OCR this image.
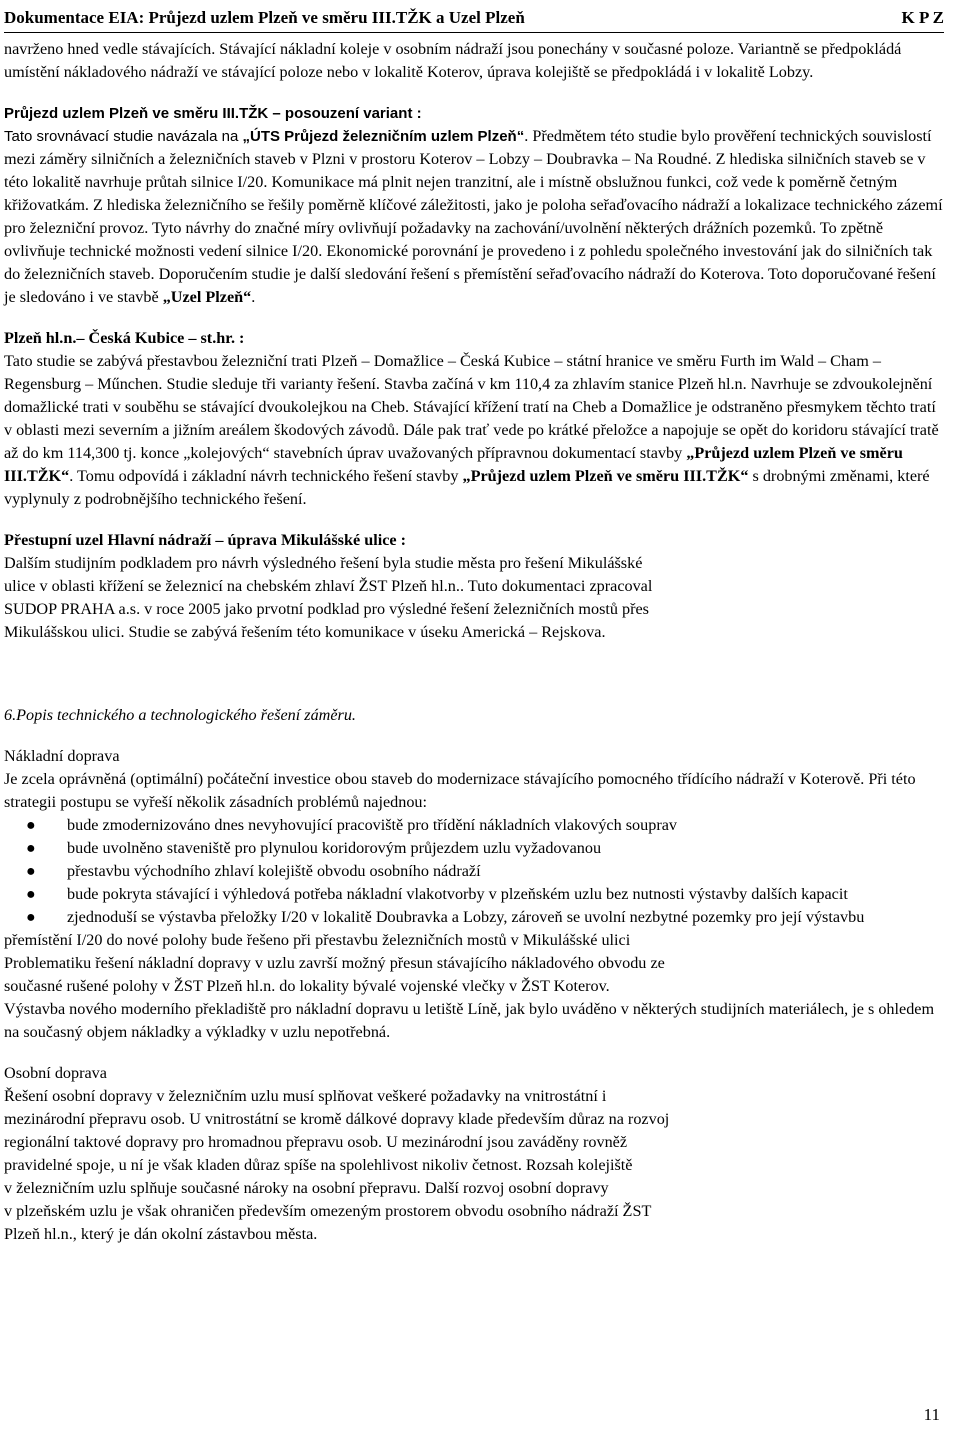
Dokumentace EIA: Průjezd uzlem Plzeň ve směru III.TŽK a Uzel Plzeň	K P Z

navrženo hned vedle stávajících. Stávající nákladní koleje v osobním nádraží jsou ponechány v současné poloze. Variantně se předpokládá umístění nákladového nádraží ve stávající poloze nebo v lokalitě Koterov, úprava kolejiště se předpokládá i v lokalitě Lobzy.

Průjezd uzlem Plzeň ve směru III.TŽK – posouzení variant :

Tato srovnávací studie navázala na „ÚTS Průjezd železničním uzlem Plzeň“. Předmětem této studie bylo prověření technických souvislostí mezi záměry silničních a železničních staveb v Plzni v prostoru Koterov – Lobzy – Doubravka – Na Roudné. Z hlediska silničních staveb se v této lokalitě navrhuje průtah silnice I/20. Komunikace má plnit nejen tranzitní, ale i místně obslužnou funkci, což vede k poměrně četným křižovatkám. Z hlediska železničního se řešily poměrně klíčové záležitosti, jako je poloha seřaďovacího nádraží a lokalizace technického zázemí pro železniční provoz. Tyto návrhy do značné míry ovlivňují požadavky na zachování/uvolnění některých drážních pozemků. To zpětně ovlivňuje technické možnosti vedení silnice I/20. Ekonomické porovnání je provedeno i z pohledu společného investování jak do silničních tak do železničních staveb. Doporučením studie je další sledování řešení s přemístění seřaďovacího nádraží do Koterova. Toto doporučované řešení je sledováno i ve stavbě „Uzel Plzeň“.

Plzeň hl.n.– Česká Kubice – st.hr. :

Tato studie se zabývá přestavbou železniční trati Plzeň – Domažlice – Česká Kubice – státní hranice ve směru Furth im Wald – Cham – Regensburg – Műnchen. Studie sleduje tři varianty řešení. Stavba začíná v km 110,4 za zhlavím stanice Plzeň hl.n. Navrhuje se zdvoukolejnění domažlické trati v souběhu se stávající dvoukolejkou na Cheb. Stávající křížení tratí na Cheb a Domažlice je odstraněno přesmykem těchto tratí v oblasti mezi severním a jižním areálem škodových závodů. Dále pak trať vede po krátké přeložce a napojuje se opět do koridoru stávající tratě až do km 114,300 tj. konce „kolejových“ stavebních úprav uvažovaných přípravnou dokumentací stavby „Průjezd uzlem Plzeň ve směru III.TŽK“. Tomu odpovídá i základní návrh technického řešení stavby „Průjezd uzlem Plzeň ve směru III.TŽK“ s drobnými změnami, které vyplynuly z podrobnějšího technického řešení.

Přestupní uzel Hlavní nádraží – úprava Mikulášské ulice :

Dalším studijním podkladem pro návrh výsledného řešení byla studie města pro řešení Mikulášské

ulice v oblasti křížení se železnicí na chebském zhlaví ŽST Plzeň hl.n.. Tuto dokumentaci zpracoval

SUDOP PRAHA a.s. v roce 2005 jako prvotní podklad pro výsledné řešení železničních mostů přes

Mikulášskou ulici. Studie se zabývá řešením této komunikace v úseku Americká – Rejskova.

6.Popis technického a technologického řešení záměru.

Nákladní doprava

Je zcela oprávněná (optimální) počáteční investice obou staveb do modernizace stávajícího pomocného třídícího nádraží v Koterově. Při této strategii postupu se vyřeší několik zásadních problémů najednou:

● bude zmodernizováno dnes nevyhovující pracoviště pro třídění nákladních vlakových souprav
● bude uvolněno staveniště pro plynulou koridorovým průjezdem uzlu vyžadovanou
● přestavbu východního zhlaví kolejiště obvodu osobního nádraží
● bude pokryta stávající i výhledová potřeba nákladní vlakotvorby v plzeňském uzlu bez nutnosti výstavby dalších kapacit
● zjednoduší se výstavba přeložky I/20 v lokalitě Doubravka a Lobzy, zároveň se uvolní nezbytné pozemky pro její výstavbu

přemístění I/20 do nové polohy bude řešeno při přestavbu železničních mostů v Mikulášské ulici

Problematiku řešení nákladní dopravy v uzlu završí možný přesun stávajícího nákladového obvodu ze

současné rušené polohy v ŽST Plzeň hl.n. do lokality bývalé vojenské vlečky v ŽST Koterov.

Výstavba nového moderního překladiště pro nákladní dopravu u letiště Líně, jak bylo uváděno v některých studijních materiálech, je s ohledem na současný objem nákladky a výkladky v uzlu nepotřebná.

Osobní doprava

Řešení osobní dopravy v železničním uzlu musí splňovat veškeré požadavky na vnitrostátní i

mezinárodní přepravu osob. U vnitrostátní se kromě dálkové dopravy klade především důraz na rozvoj

regionální taktové dopravy pro hromadnou přepravu osob. U mezinárodní jsou zaváděny rovněž

pravidelné spoje, u ní je však kladen důraz spíše na spolehlivost nikoliv četnost. Rozsah kolejiště

v železničním uzlu splňuje současné nároky na osobní přepravu. Další rozvoj osobní dopravy

v plzeňském uzlu je však ohraničen především omezeným prostorem obvodu osobního nádraží ŽST

Plzeň hl.n., který je dán okolní zástavbou města.

11
